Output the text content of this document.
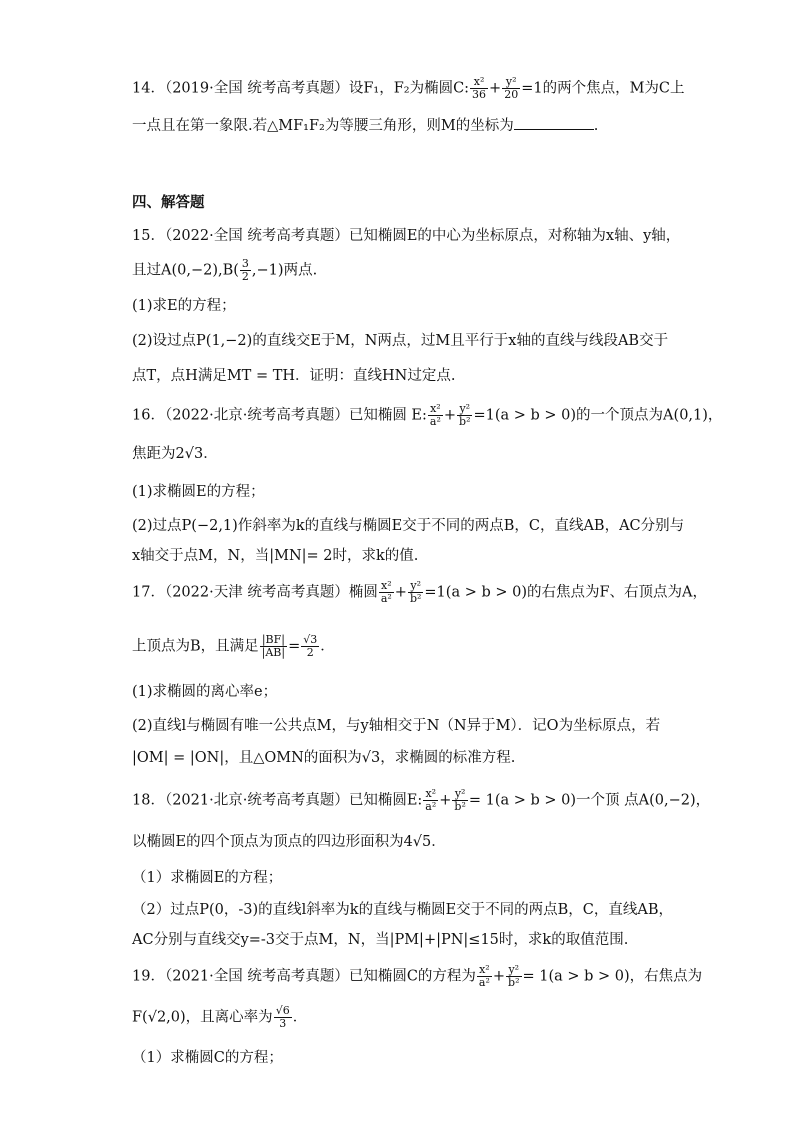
14．（2019·全国 统考高考真题）设F₁，F₂为椭圆C: $\frac{\text{x²}}{36} + \frac{\text{y²}}{20} =1$的两个焦点，M为C上
一点且在第一象限.若△MF₁F₂为等腰三角形，则M的坐标为	.
四、解答题
15．（2022·全国 统考高考真题）已知椭圆E的中心为坐标原点，对称轴为x轴、y轴，
且过$A(0,-2),B( \frac{3}{2} ,-1)$两点.
(1)求E的方程；
(2)设过点P(1,−2)的直线交E于M，N两点，过M且平行于x轴的直线与线段AB交于
点T，点H满足MT = TH．证明：直线HN过定点.
16．（2022·北京·统考高考真题）已知椭圆 E: $\frac{\text{x²}}{\text{a²}} + \frac{\text{y²}}{\text{b²}} =1(a > b > 0)$的一个顶点为A(0,1)，
焦距为2√3．
(1)求椭圆E的方程；
(2)过点P(−2,1)作斜率为k的直线与椭圆E交于不同的两点B，C，直线AB，AC分别与
x轴交于点M，N，当|MN|= 2时，求k的值.
17．（2022·天津 统考高考真题）椭圆 $\frac{\text{x²}}{\text{a²}} + \frac{\text{y²}}{\text{b²}} =1(a > b > 0)$的右焦点为F、右顶点为A，
上顶点为B，且满足 $\frac{|BF|}{|AB|} = \frac{√3}{2}$ ．
(1)求椭圆的离心率e；
(2)直线l与椭圆有唯一公共点M，与y轴相交于N（N异于M）．记O为坐标原点，若
|OM| = |ON|，且△OMN的面积为√3，求椭圆的标准方程.
18．（2021·北京·统考高考真题）已知椭圆E: $\frac{\text{x²}}{\text{a²}} + \frac{\text{y²}}{\text{b²}} = 1(a > b > 0)$一个顶 点A(0,−2)，
以椭圆E的四个顶点为顶点的四边形面积为4√5．
（1）求椭圆E的方程；
（2）过点P(0，-3)的直线l斜率为k的直线与椭圆E交于不同的两点B，C，直线AB，
AC分别与直线交y=-3交于点M，N，当|PM|+|PN|≤15时，求k的取值范围.
19．（2021·全国 统考高考真题）已知椭圆C的方程为 $\frac{\text{x²}}{\text{a²}} + \frac{\text{y²}}{\text{b²}} = 1(a > b > 0)$，右焦点为
F(√2,0)，且离心率为 $\frac{√6}{3}$ ．
（1）求椭圆C的方程；
